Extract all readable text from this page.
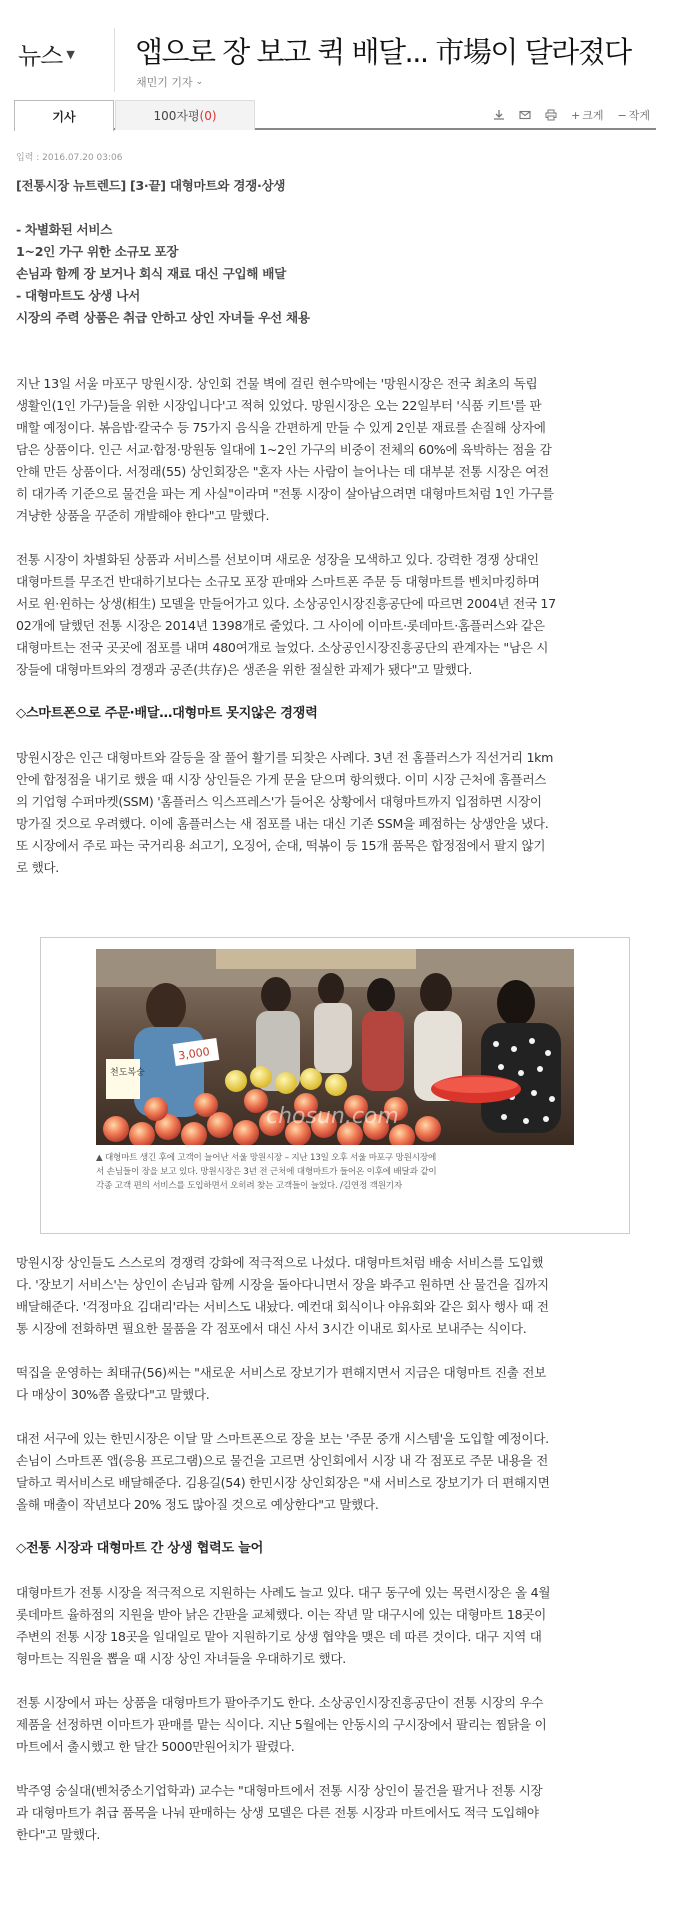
뉴스 ▼ 앱으로 장 보고 퀵 배달... 市場이 달라졌다
채민기 기자 ⌄
기사	100자평 (0)	+ 크게 − 작게
입력 : 2016.07.20 03:06

[전통시장 뉴트렌드] [3·끝] 대형마트와 경쟁·상생

- 차별화된 서비스

1~2인 가구 위한 소규모 포장

손님과 함께 장 보거나 회식 재료 대신 구입해 배달

- 대형마트도 상생 나서

시장의 주력 상품은 취급 안하고 상인 자녀들 우선 채용

지난 13일 서울 마포구 망원시장. 상인회 건물 벽에 걸린 현수막에는 '망원시장은 전국 최초의 독립

생활인(1인 가구)들을 위한 시장입니다'고 적혀 있었다. 망원시장은 오는 22일부터 '식품 키트'를 판

매할 예정이다. 볶음밥·칼국수 등 75가지 음식을 간편하게 만들 수 있게 2인분 재료를 손질해 상자에

담은 상품이다. 인근 서교·합정·망원동 일대에 1~2인 가구의 비중이 전체의 60%에 육박하는 점을 감

안해 만든 상품이다. 서정래(55) 상인회장은 "혼자 사는 사람이 늘어나는 데 대부분 전통 시장은 여전

히 대가족 기준으로 물건을 파는 게 사실"이라며 "전통 시장이 살아남으려면 대형마트처럼 1인 가구를

겨냥한 상품을 꾸준히 개발해야 한다"고 말했다.

전통 시장이 차별화된 상품과 서비스를 선보이며 새로운 성장을 모색하고 있다. 강력한 경쟁 상대인

대형마트를 무조건 반대하기보다는 소규모 포장 판매와 스마트폰 주문 등 대형마트를 벤치마킹하며

서로 윈·윈하는 상생(相生) 모델을 만들어가고 있다. 소상공인시장진흥공단에 따르면 2004년 전국 17

02개에 달했던 전통 시장은 2014년 1398개로 줄었다. 그 사이에 이마트·롯데마트·홈플러스와 같은

대형마트는 전국 곳곳에 점포를 내며 480여개로 늘었다. 소상공인시장진흥공단의 관계자는 "남은 시

장들에 대형마트와의 경쟁과 공존(共存)은 생존을 위한 절실한 과제가 됐다"고 말했다.

◇스마트폰으로 주문·배달…대형마트 못지않은 경쟁력

망원시장은 인근 대형마트와 갈등을 잘 풀어 활기를 되찾은 사례다. 3년 전 홈플러스가 직선거리 1km

안에 합정점을 내기로 했을 때 시장 상인들은 가게 문을 닫으며 항의했다. 이미 시장 근처에 홈플러스

의 기업형 수퍼마켓(SSM) '홈플러스 익스프레스'가 들어온 상황에서 대형마트까지 입점하면 시장이

망가질 것으로 우려했다. 이에 홈플러스는 새 점포를 내는 대신 기존 SSM을 폐점하는 상생안을 냈다.

또 시장에서 주로 파는 국거리용 쇠고기, 오징어, 순대, 떡볶이 등 15개 품목은 합정점에서 팔지 않기

로 했다.

3,000
천도복숭
chosun.com

▲ 대형마트 생긴 후에 고객이 늘어난 서울 망원시장 – 지난 13일 오후 서울 마포구 망원시장에

서 손님들이 장을 보고 있다. 망원시장은 3년 전 근처에 대형마트가 들어온 이후에 배달과 같이

각종 고객 편의 서비스를 도입하면서 오히려 찾는 고객들이 늘었다. /김연정 객원기자

망원시장 상인들도 스스로의 경쟁력 강화에 적극적으로 나섰다. 대형마트처럼 배송 서비스를 도입했

다. '장보기 서비스'는 상인이 손님과 함께 시장을 돌아다니면서 장을 봐주고 원하면 산 물건을 집까지

배달해준다. '걱정마요 김대리'라는 서비스도 내놨다. 예컨대 회식이나 야유회와 같은 회사 행사 때 전

통 시장에 전화하면 필요한 물품을 각 점포에서 대신 사서 3시간 이내로 회사로 보내주는 식이다.

떡집을 운영하는 최태규(56)씨는 "새로운 서비스로 장보기가 편해지면서 지금은 대형마트 진출 전보

다 매상이 30%쯤 올랐다"고 말했다.

대전 서구에 있는 한민시장은 이달 말 스마트폰으로 장을 보는 '주문 중개 시스템'을 도입할 예정이다.

손님이 스마트폰 앱(응용 프로그램)으로 물건을 고르면 상인회에서 시장 내 각 점포로 주문 내용을 전

달하고 퀵서비스로 배달해준다. 김용길(54) 한민시장 상인회장은 "새 서비스로 장보기가 더 편해지면

올해 매출이 작년보다 20% 정도 많아질 것으로 예상한다"고 말했다.

◇전통 시장과 대형마트 간 상생 협력도 늘어

대형마트가 전통 시장을 적극적으로 지원하는 사례도 늘고 있다. 대구 동구에 있는 목련시장은 올 4월

롯데마트 율하점의 지원을 받아 낡은 간판을 교체했다. 이는 작년 말 대구시에 있는 대형마트 18곳이

주변의 전통 시장 18곳을 일대일로 맡아 지원하기로 상생 협약을 맺은 데 따른 것이다. 대구 지역 대

형마트는 직원을 뽑을 때 시장 상인 자녀들을 우대하기로 했다.

전통 시장에서 파는 상품을 대형마트가 팔아주기도 한다. 소상공인시장진흥공단이 전통 시장의 우수

제품을 선정하면 이마트가 판매를 맡는 식이다. 지난 5월에는 안동시의 구시장에서 팔리는 찜닭을 이

마트에서 출시했고 한 달간 5000만원어치가 팔렸다.

박주영 숭실대(벤처중소기업학과) 교수는 "대형마트에서 전통 시장 상인이 물건을 팔거나 전통 시장

과 대형마트가 취급 품목을 나눠 판매하는 상생 모델은 다른 전통 시장과 마트에서도 적극 도입해야

한다"고 말했다.
